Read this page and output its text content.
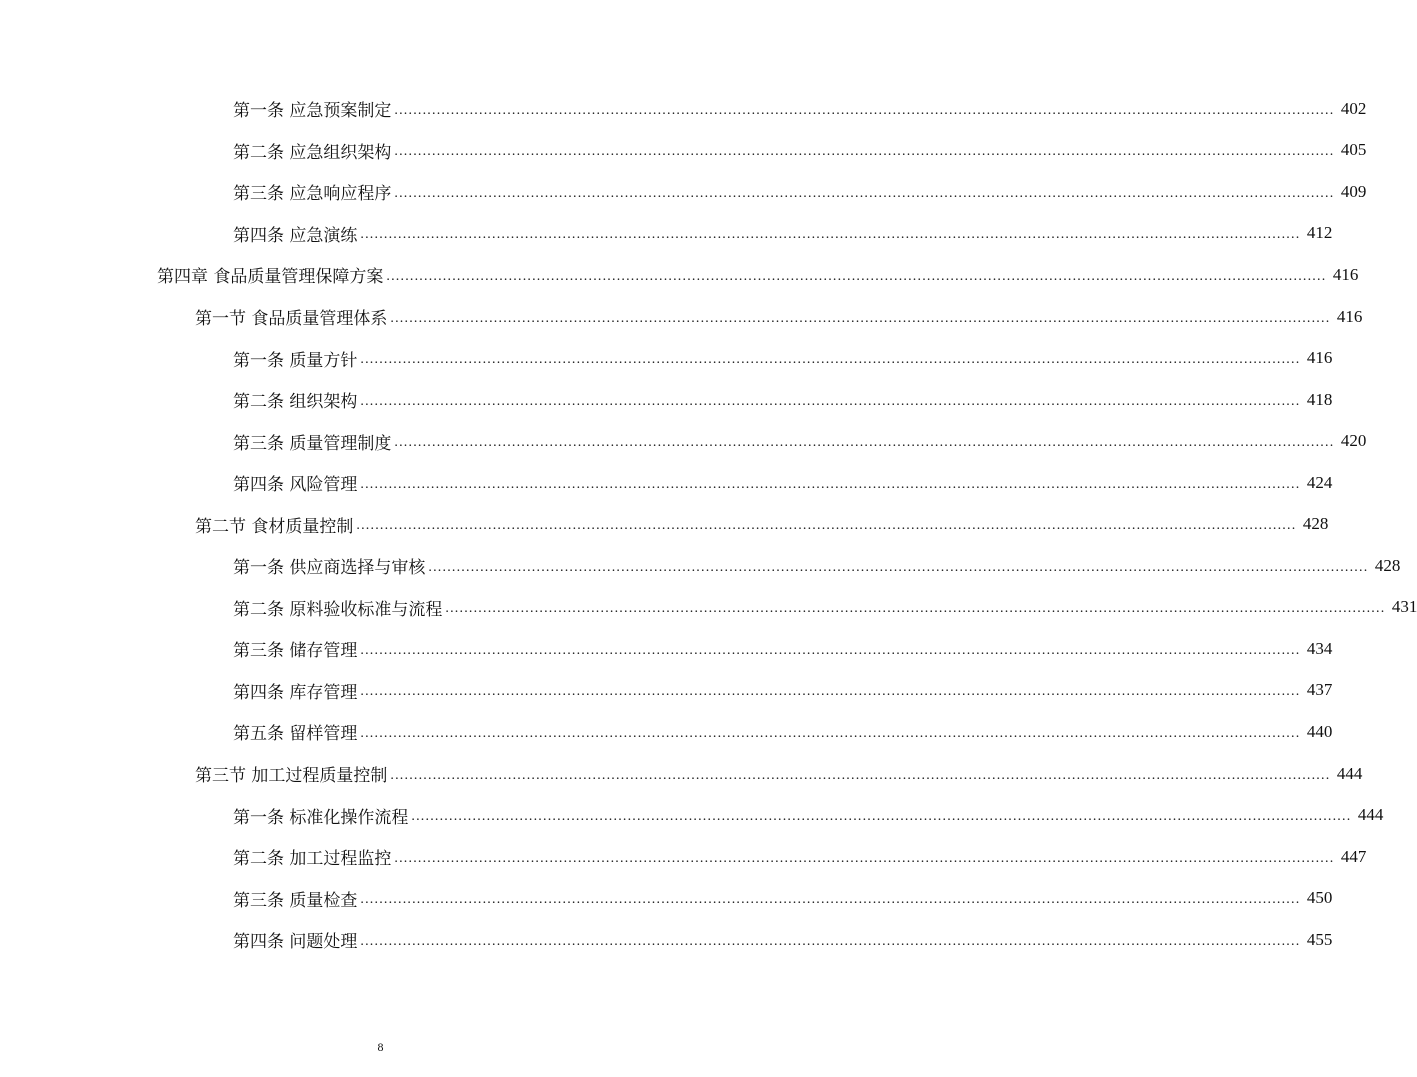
第一条 应急预案制定 ........................................................................................................................................................................................................ 402
第二条 应急组织架构 ........................................................................................................................................................................................................ 405
第三条 应急响应程序 ........................................................................................................................................................................................................ 409
第四条 应急演练 ........................................................................................................................................................................................................ 412
第四章 食品质量管理保障方案 ........................................................................................................................................................................................................ 416
第一节 食品质量管理体系 ........................................................................................................................................................................................................ 416
第一条 质量方针 ........................................................................................................................................................................................................ 416
第二条 组织架构 ........................................................................................................................................................................................................ 418
第三条 质量管理制度 ........................................................................................................................................................................................................ 420
第四条 风险管理 ........................................................................................................................................................................................................ 424
第二节 食材质量控制 ........................................................................................................................................................................................................ 428
第一条 供应商选择与审核 ........................................................................................................................................................................................................ 428
第二条 原料验收标准与流程 ........................................................................................................................................................................................................ 431
第三条 储存管理 ........................................................................................................................................................................................................ 434
第四条 库存管理 ........................................................................................................................................................................................................ 437
第五条 留样管理 ........................................................................................................................................................................................................ 440
第三节 加工过程质量控制 ........................................................................................................................................................................................................ 444
第一条 标准化操作流程 ........................................................................................................................................................................................................ 444
第二条 加工过程监控 ........................................................................................................................................................................................................ 447
第三条 质量检查 ........................................................................................................................................................................................................ 450
第四条 问题处理 ........................................................................................................................................................................................................ 455
8
